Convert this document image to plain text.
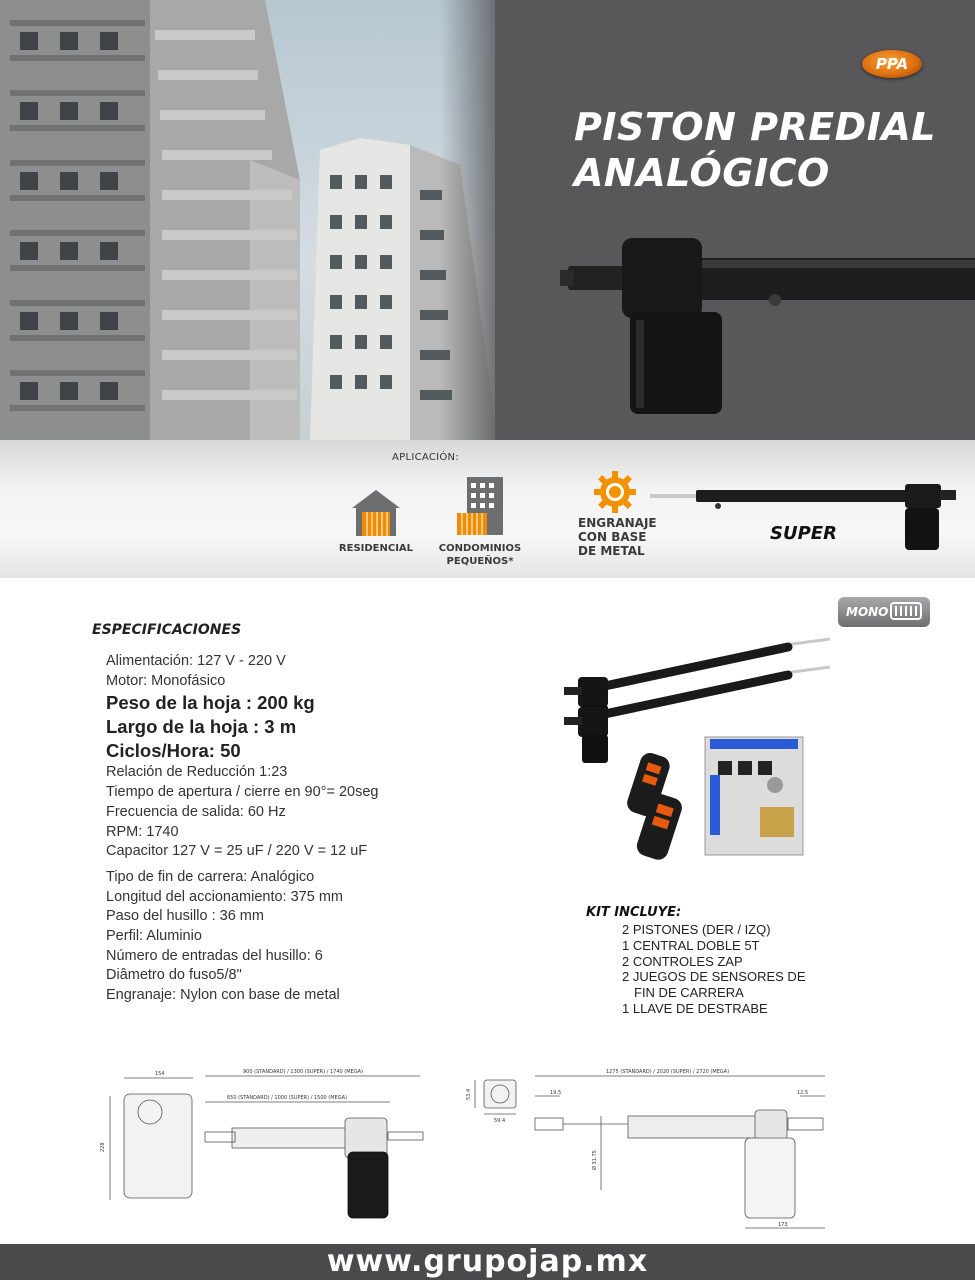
PPA
PISTON PREDIAL
ANALÓGICO
APLICACIÓN:
RESIDENCIAL	CONDOMINIOS
PEQUEÑOS*
ENGRANAJE
CON BASE
DE METAL
SUPER
MONO
ESPECIFICACIONES
Alimentación: 127 V - 220 V
Motor: Monofásico
Peso de la hoja : 200 kg
Largo de la hoja : 3 m
Ciclos/Hora: 50
Relación de Reducción 1:23
Tiempo de apertura / cierre en 90°= 20seg
Frecuencia de salida: 60 Hz
RPM: 1740
Capacitor 127 V = 25 uF / 220 V = 12 uF
Tipo de fin de carrera: Analógico
Longitud del accionamiento: 375 mm
Paso del husillo : 36 mm
Perfil: Aluminio
Número de entradas del husillo: 6
Diâmetro do fuso5/8"
Engranaje: Nylon con base de metal
KIT INCLUYE:
2 PISTONES (DER / IZQ)
1 CENTRAL DOBLE 5T
2 CONTROLES ZAP
2 JUEGOS DE SENSORES DE
FIN DE CARRERA
1 LLAVE DE DESTRABE
154
228
900 (STANDARD) / 1300 (SUPER) / 1740 (MEGA)
650 (STANDARD) / 1000 (SUPER) / 1500 (MEGA)	53.4
59.4
1275 (STANDARD) / 2020 (SUPER) / 2720 (MEGA)
19.5	12.5
Ø 31.75
173
www.grupojap.mx
